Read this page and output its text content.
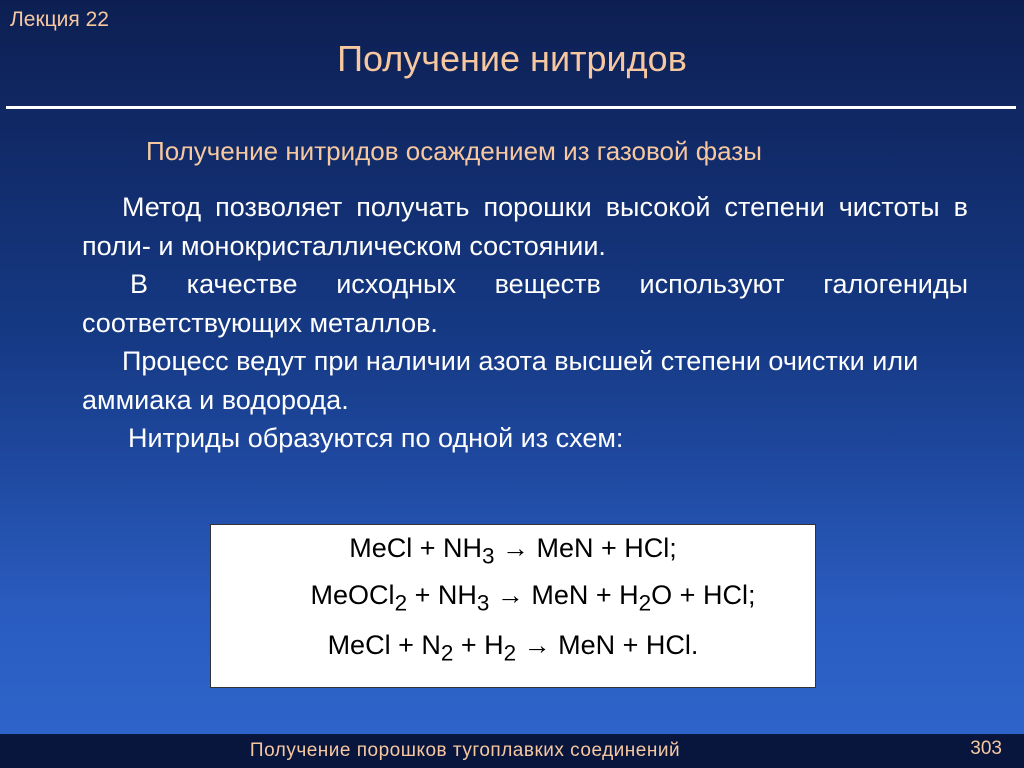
Лекция 22
Получение нитридов
Получение нитридов осаждением из газовой фазы

Метод позволяет получать порошки высокой степени чистоты в поли- и монокристаллическом состоянии.

В качестве исходных веществ используют галогениды соответствующих металлов.

Процесс ведут при наличии азота высшей степени очистки или аммиака и водорода.

Нитриды образуются по одной из схем:

MeCl + $NH_3$ → MeN + HCl;
MeOCl$_2$ + $NH_3$ → MeN + $H_2O$ + HCl;
MeCl + $N_2 + H_2$ → MeN + HCl.
Получение порошков тугоплавких соединений	303
